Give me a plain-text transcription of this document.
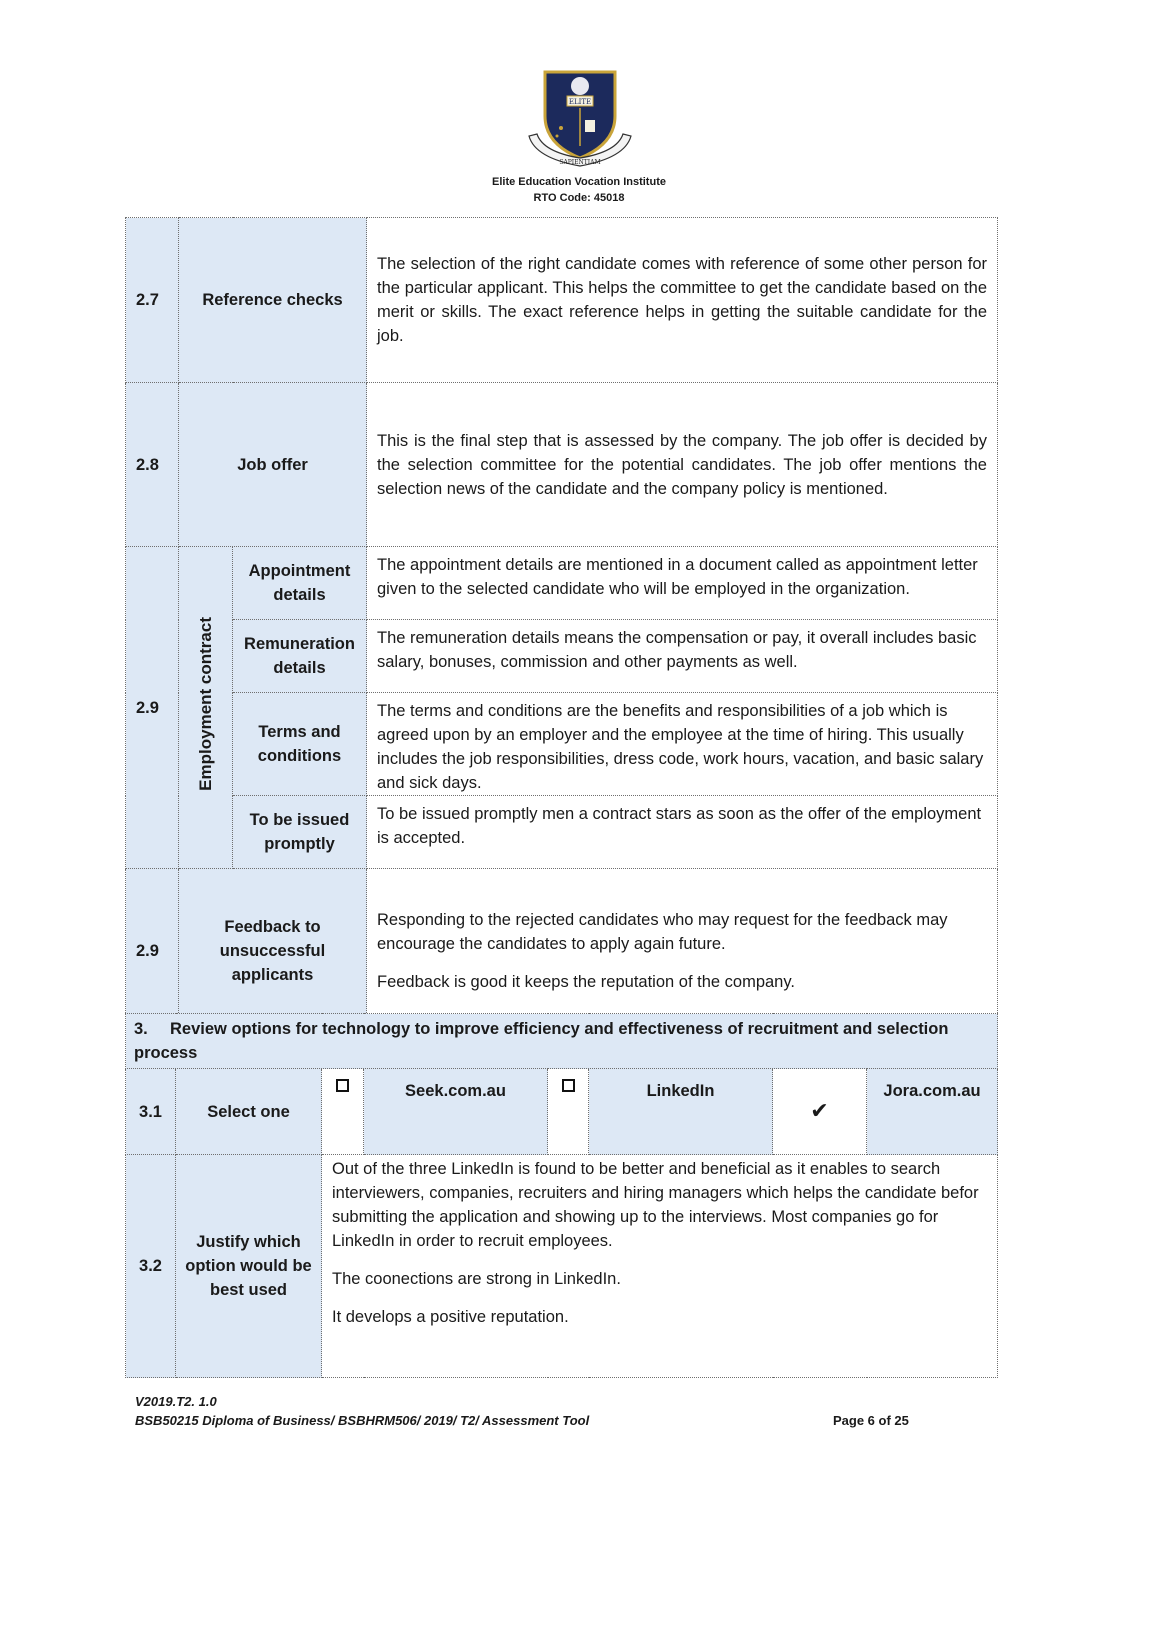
ELITE
SAPIENTIAM
Elite Education Vocation Institute
RTO Code: 45018
2.7	Reference checks		The selection of the right candidate comes with reference of some other person for the particular applicant. This helps the committee to get the candidate based on the merit or skills. The exact reference helps in getting the suitable candidate for the job.

2.8	Job offer		This is the final step that is assessed by the company. The job offer is decided by the selection committee for the potential candidates. The job offer mentions the selection news of the candidate and the company policy is mentioned.

2.9	Employment contract	Appointment details	The appointment details are mentioned in a document called as appointment letter given to the selected candidate who will be employed in the organization.
		Remuneration details	The remuneration details means the compensation or pay, it overall includes basic salary, bonuses, commission and other payments as well.
		Terms and conditions	The terms and conditions are the benefits and responsibilities of a job which is agreed upon by an employer and the employee at the time of hiring. This usually includes the job responsibilities, dress code, work hours, vacation, and basic salary and sick days.
		To be issued promptly	To be issued promptly men a contract stars as soon as the offer of the employment is accepted.
2.9	Feedback to unsuccessful applicants		Responding to the rejected candidates who may request for the feedback may encourage the candidates to apply again future.

Feedback is good it keeps the reputation of the company.

3. Review options for technology to improve efficiency and effectiveness of recruitment and selection process							
3.1	Select one		Seek.com.au		LinkedIn	✔	Jora.com.au
3.2	Justify which option would be best used	Out of the three LinkedIn is found to be better and beneficial as it enables to search interviewers, companies, recruiters and hiring managers which helps the candidate befor submitting the application and showing up to the interviews. Most companies go for LinkedIn in order to recruit employees.

The coonections are strong in LinkedIn.

It develops a positive reputation.					

V2019.T2. 1.0
BSB50215 Diploma of Business/ BSBHRM506/ 2019/ T2/ Assessment Tool	Page 6 of 25
